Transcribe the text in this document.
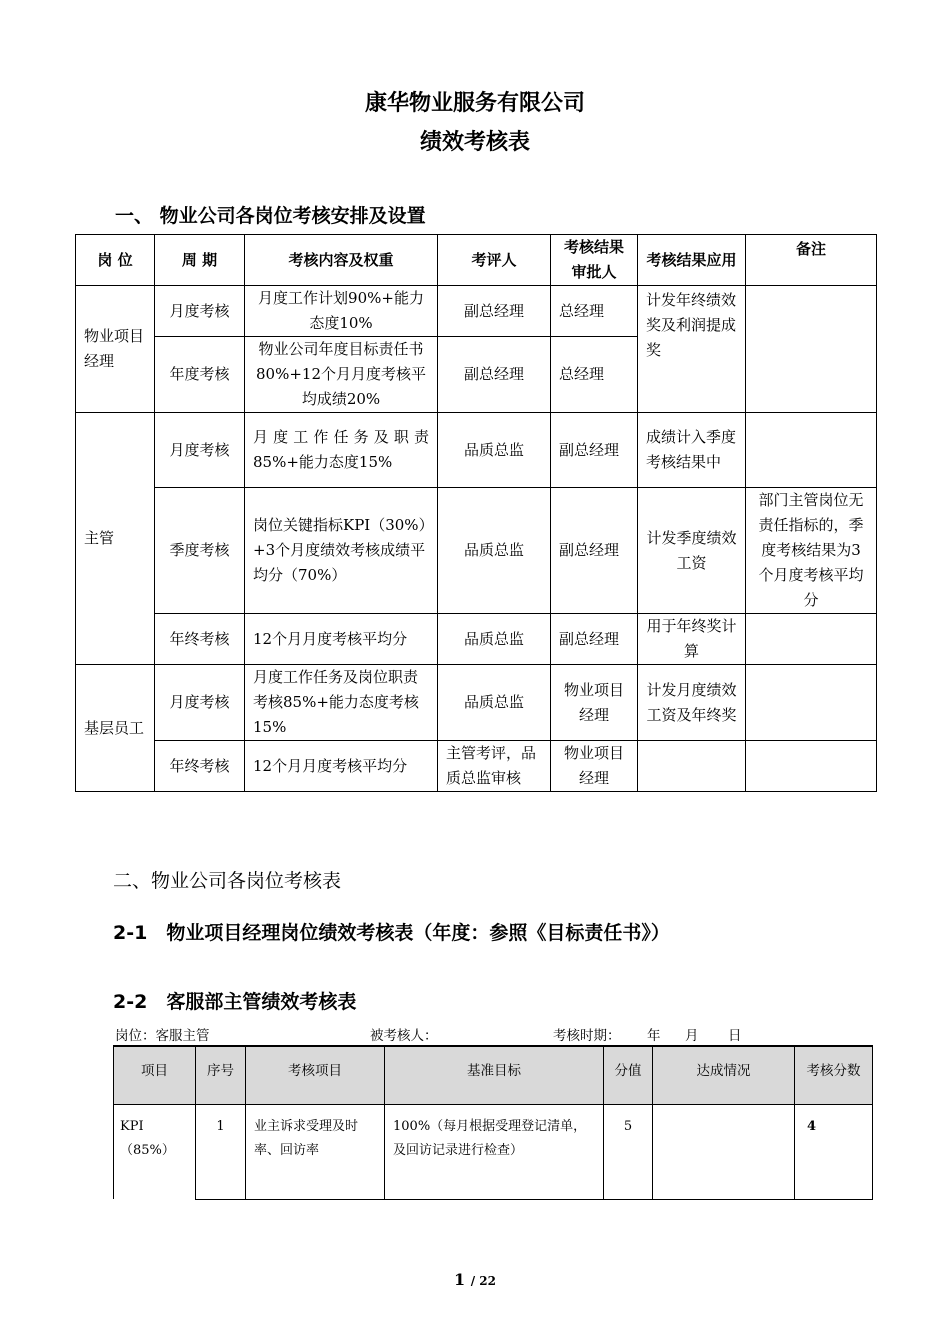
康华物业服务有限公司
绩效考核表
一、 物业公司各岗位考核安排及设置
岗 位	周 期	考核内容及权重	考评人	考核结果审批人	考核结果应用	备注
物业项目经理	月度考核	月度工作计划90%+能力 态度10%	副总经理	总经理	计发年终绩效奖及利润提成奖	
	年度考核	物业公司年度目标责任书80%+12个月月度考核平均成绩20%	副总经理	总经理		
主管	月度考核	月度工作任务及职责85%+能力态度15%	品质总监	副总经理	成绩计入季度考核结果中	
	季度考核	岗位关键指标KPI（30%）+3个月度绩效考核成绩平均分（70%）	品质总监	副总经理	计发季度绩效工资	部门主管岗位无责任指标的，季度考核结果为3个月度考核平均分
	年终考核	12个月月度考核平均分	品质总监	副总经理	用于年终奖计算	
基层员工	月度考核	月度工作任务及岗位职责考核85%+能力态度考核15%	品质总监	物业项目经理	计发月度绩效工资及年终奖	
	年终考核	12个月月度考核平均分	主管考评，品质总监审核	物业项目经理		
二、物业公司各岗位考核表
2-1　物业项目经理岗位绩效考核表（年度：参照《目标责任书》）
2-2　客服部主管绩效考核表
岗位：客服主管	被考核人：	考核时期： 年 月 日
项目	序号	考核项目	基准目标	分值	达成情况	考核分数
KPI（85%）	1	业主诉求受理及时率、回访率	100%（每月根据受理登记清单，及回访记录进行检查）	5		4
1 / 22
